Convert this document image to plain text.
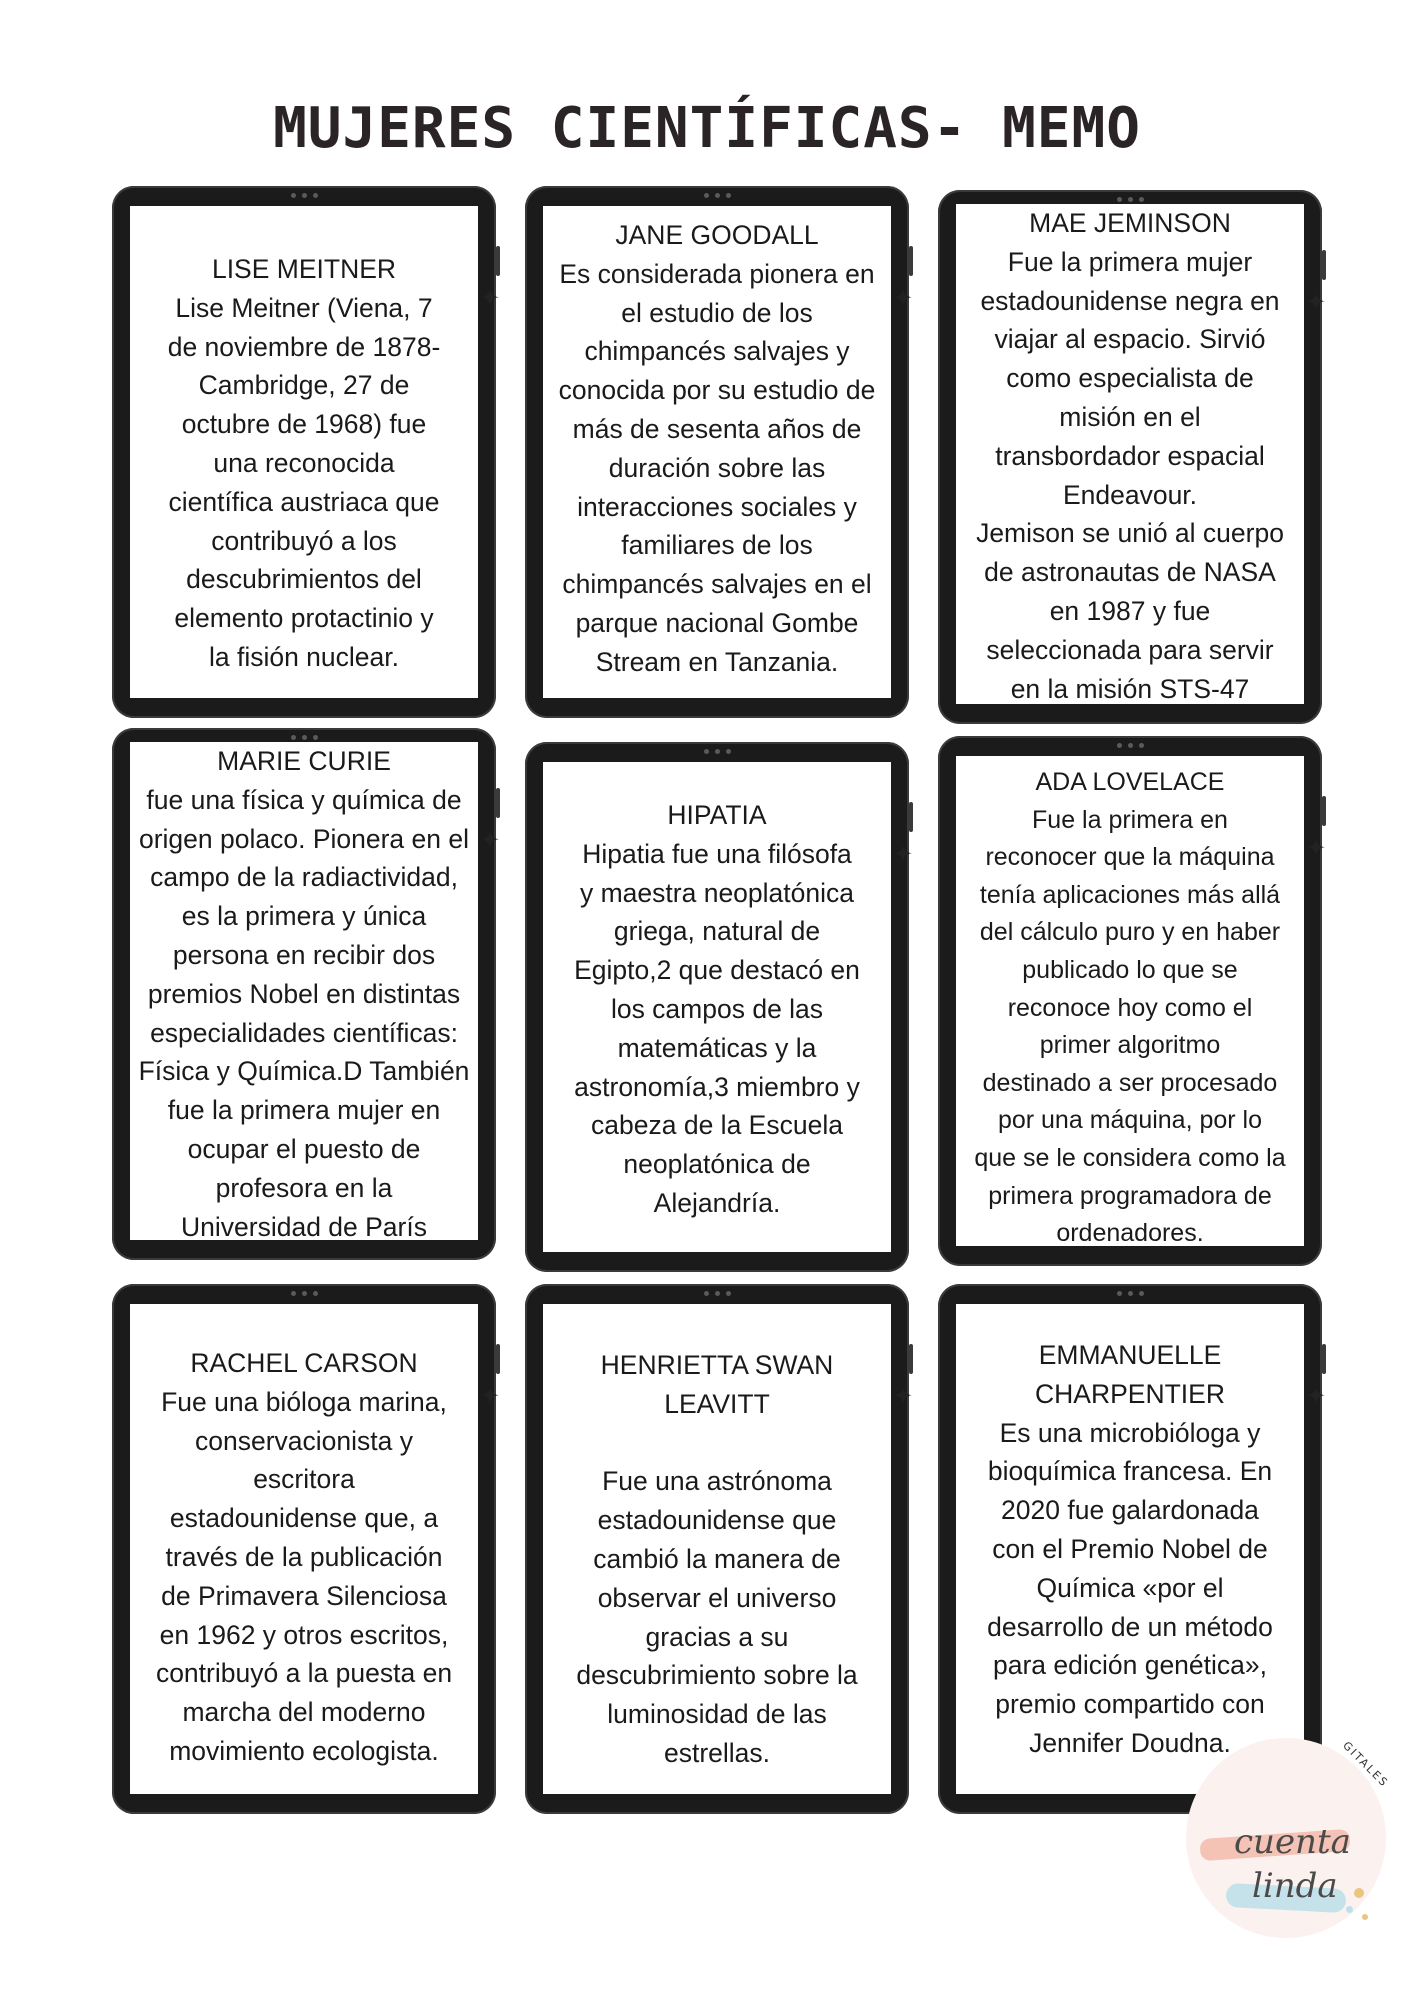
MUJERES CIENTÍFICAS- MEMO

LISE MEITNER

Lise Meitner (Viena, 7
de noviembre de 1878-
Cambridge, 27 de
octubre de 1968) fue
una reconocida
científica austriaca que
contribuyó a los
descubrimientos del
elemento protactinio y
la fisión nuclear.

✦

JANE GOODALL

Es considerada pionera en
el estudio de los
chimpancés salvajes y
conocida por su estudio de
más de sesenta años de
duración sobre las
interacciones sociales y
familiares de los
chimpancés salvajes en el
parque nacional Gombe
Stream en Tanzania.

✦

MAE JEMINSON

Fue la primera mujer
estadounidense negra en
viajar al espacio. Sirvió
como especialista de
misión en el
transbordador espacial
Endeavour.
Jemison se unió al cuerpo
de astronautas de NASA
en 1987 y fue
seleccionada para servir
en la misión STS-47

✦

MARIE CURIE

fue una física y química de
origen polaco. Pionera en el
campo de la radiactividad,
es la primera y única
persona en recibir dos
premios Nobel en distintas
especialidades científicas:
Física y Química.D También
fue la primera mujer en
ocupar el puesto de
profesora en la
Universidad de París

✦

HIPATIA

Hipatia fue una filósofa
y maestra neoplatónica
griega, natural de
Egipto,2 que destacó en
los campos de las
matemáticas y la
astronomía,3 miembro y
cabeza de la Escuela
neoplatónica de
Alejandría.

✦

ADA LOVELACE

Fue la primera en
reconocer que la máquina
tenía aplicaciones más allá
del cálculo puro y en haber
publicado lo que se
reconoce hoy como el
primer algoritmo
destinado a ser procesado
por una máquina, por lo
que se le considera como la
primera programadora de
ordenadores.

✦

RACHEL CARSON

Fue una bióloga marina,
conservacionista y
escritora
estadounidense que, a
través de la publicación
de Primavera Silenciosa
en 1962 y otros escritos,
contribuyó a la puesta en
marcha del moderno
movimiento ecologista.

✦

HENRIETTA SWAN
LEAVITT

Fue una astrónoma
estadounidense que
cambió la manera de
observar el universo
gracias a su
descubrimiento sobre la
luminosidad de las
estrellas.

✦

EMMANUELLE
CHARPENTIER

Es una microbióloga y
bioquímica francesa. En
2020 fue galardonada
con el Premio Nobel de
Química «por el
desarrollo de un método
para edición genética»,
premio compartido con
Jennifer Doudna.

✦
cuenta
linda
GITALES
